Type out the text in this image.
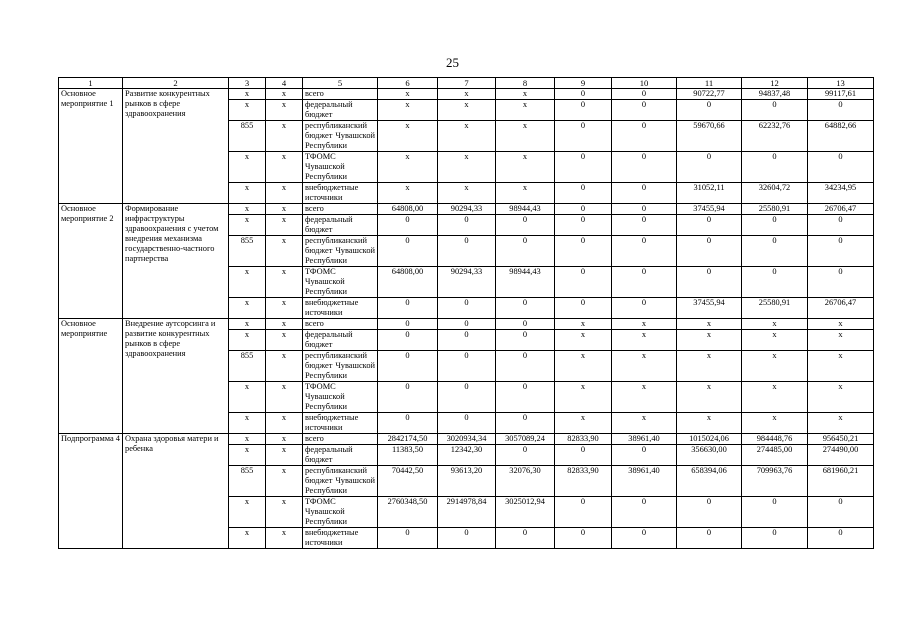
25
1	2	3	4	5	6	7	8	9	10	11	12	13
Основное мероприятие 1	Развитие конкурентных рынков в сфере здравоохранения	x	x	всего	x	x	x	0	0	90722,77	94837,48	99117,61
		x	x	федеральный бюджет	x	x	x	0	0	0	0	0
		855	x	республиканский бюджет Чувашской Республики	x	x	x	0	0	59670,66	62232,76	64882,66
		x	x	ТФОМС Чувашской Республики	x	x	x	0	0	0	0	0
		x	x	внебюджетные источники	x	x	x	0	0	31052,11	32604,72	34234,95
Основное мероприятие 2	Формирование инфраструктуры здравоохранения с учетом внедрения механизма государственно-частного партнерства	x	x	всего	64808,00	90294,33	98944,43	0	0	37455,94	25580,91	26706,47
		x	x	федеральный бюджет	0	0	0	0	0	0	0	0
		855	x	республиканский бюджет Чувашской Республики	0	0	0	0	0	0	0	0
		x	x	ТФОМС Чувашской Республики	64808,00	90294,33	98944,43	0	0	0	0	0
		x	x	внебюджетные источники	0	0	0	0	0	37455,94	25580,91	26706,47
Основное мероприятие	Внедрение аутсорсинга и развитие конкурентных рынков в сфере здравоохранения	x	x	всего	0	0	0	x	x	x	x	x
		x	x	федеральный бюджет	0	0	0	x	x	x	x	x
		855	x	республиканский бюджет Чувашской Республики	0	0	0	x	x	x	x	x
		x	x	ТФОМС Чувашской Республики	0	0	0	x	x	x	x	x
		x	x	внебюджетные источники	0	0	0	x	x	x	x	x
Подпрограмма 4	Охрана здоровья матери и ребенка	x	x	всего	2842174,50	3020934,34	3057089,24	82833,90	38961,40	1015024,06	984448,76	956450,21
		x	x	федеральный бюджет	11383,50	12342,30	0	0	0	356630,00	274485,00	274490,00
		855	x	республиканский бюджет Чувашской Республики	70442,50	93613,20	32076,30	82833,90	38961,40	658394,06	709963,76	681960,21
		x	x	ТФОМС Чувашской Республики	2760348,50	2914978,84	3025012,94	0	0	0	0	0
		x	x	внебюджетные источники	0	0	0	0	0	0	0	0
